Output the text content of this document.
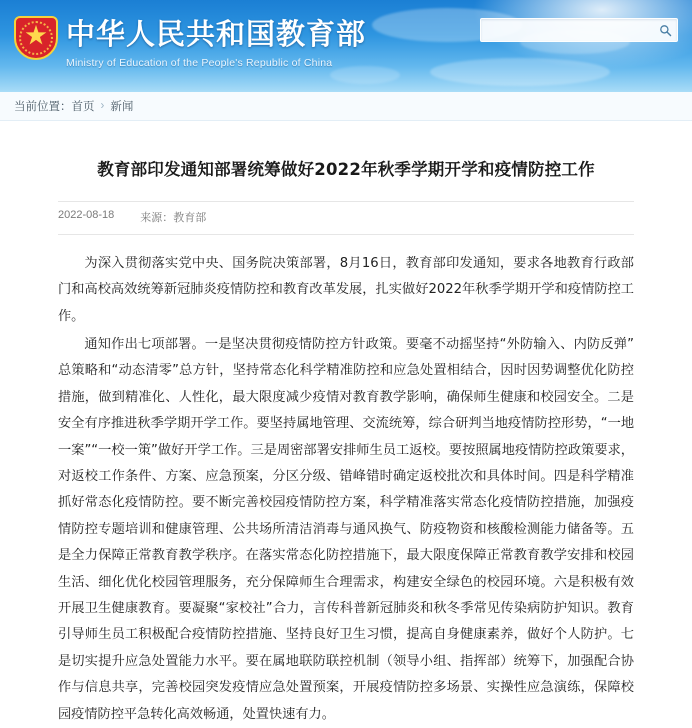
★ 中华人民共和国教育部
Ministry of Education of the People's Republic of China
当前位置： 首页 › 新闻
教育部印发通知部署统筹做好2022年秋季学期开学和疫情防控工作
2022-08-18 来源：教育部

为深入贯彻落实党中央、国务院决策部署，8月16日，教育部印发通知，要求各地教育行政部门和高校高效统筹新冠肺炎疫情防控和教育改革发展，扎实做好2022年秋季学期开学和疫情防控工作。

通知作出七项部署。一是坚决贯彻疫情防控方针政策。要毫不动摇坚持“外防输入、内防反弹”总策略和“动态清零”总方针，坚持常态化科学精准防控和应急处置相结合，因时因势调整优化防控措施，做到精准化、人性化，最大限度减少疫情对教育教学影响，确保师生健康和校园安全。二是安全有序推进秋季学期开学工作。要坚持属地管理、交流统筹，综合研判当地疫情防控形势，“一地一案”“一校一策”做好开学工作。三是周密部署安排师生员工返校。要按照属地疫情防控政策要求，对返校工作条件、方案、应急预案，分区分级、错峰错时确定返校批次和具体时间。四是科学精准抓好常态化疫情防控。要不断完善校园疫情防控方案，科学精准落实常态化疫情防控措施，加强疫情防控专题培训和健康管理、公共场所清洁消毒与通风换气、防疫物资和核酸检测能力储备等。五是全力保障正常教育教学秩序。在落实常态化防控措施下，最大限度保障正常教育教学安排和校园生活、细化优化校园管理服务，充分保障师生合理需求，构建安全绿色的校园环境。六是积极有效开展卫生健康教育。要凝聚“家校社”合力，言传科普新冠肺炎和秋冬季常见传染病防护知识。教育引导师生员工积极配合疫情防控措施、坚持良好卫生习惯，提高自身健康素养，做好个人防护。七是切实提升应急处置能力水平。要在属地联防联控机制（领导小组、指挥部）统筹下，加强配合协作与信息共享，完善校园突发疫情应急处置预案，开展疫情防控多场景、实操性应急演练，保障校园疫情防控平急转化高效畅通，处置快速有力。
